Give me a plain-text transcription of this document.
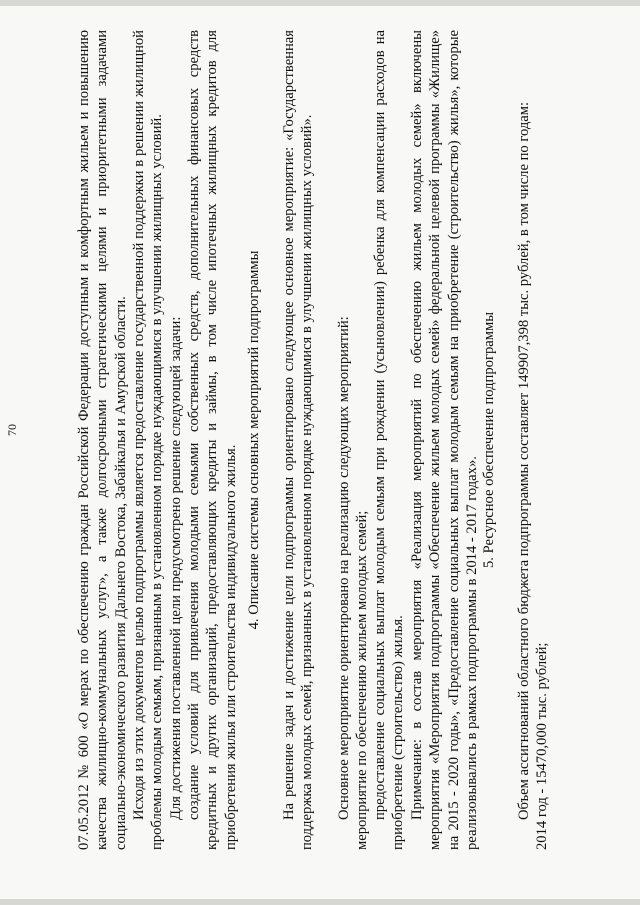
70	07.05.2012 № 600 «О мерах по обеспечению граждан Российской Федерации доступным и комфортным жильем и повышению качества жилищно-коммунальных услуг», а также долгосрочными стратегическими целями и приоритетными задачами социально-экономического развития Дальнего Востока, Забайкалья и Амурской области. Исходя из этих документов целью подпрограммы является предоставление государственной поддержки в решении жилищной проблемы молодым семьям, признанным в установленном порядке нуждающимися в улучшении жилищных условий. Для достижения поставленной цели предусмотрено решение следующей задачи: создание условий для привлечения молодыми семьями собственных средств, дополнительных финансовых средств кредитных и других организаций, предоставляющих кредиты и займы, в том числе ипотечных жилищных кредитов для приобретения жилья или строительства индивидуального жилья.

4. Описание системы основных мероприятий подпрограммы На решение задач и достижение цели подпрограммы ориентировано следующее основное мероприятие: «Государственная поддержка молодых семей, признанных в установленном порядке нуждающимися в улучшении жилищных условий». Основное мероприятие ориентировано на реализацию следующих мероприятий: мероприятие по обеспечению жильем молодых семей; предоставление социальных выплат молодым семьям при рождении (усыновлении) ребенка для компенсации расходов на приобретение (строительство) жилья. Примечание: в состав мероприятия «Реализация мероприятий по обеспечению жильем молодых семей» включены мероприятия «Мероприятия подпрограммы «Обеспечение жильем молодых семей» федеральной целевой программы «Жилище» на 2015 - 2020 годы», «Предоставление социальных выплат молодым семьям на приобретение (строительство) жилья», которые реализовывались в рамках подпрограммы в 2014 - 2017 годах».

5. Ресурсное обеспечение подпрограммы Объем ассигнований областного бюджета подпрограммы составляет 149907,398 тыс. рублей, в том числе по годам: 2014 год - 15470,000 тыс. рублей;
